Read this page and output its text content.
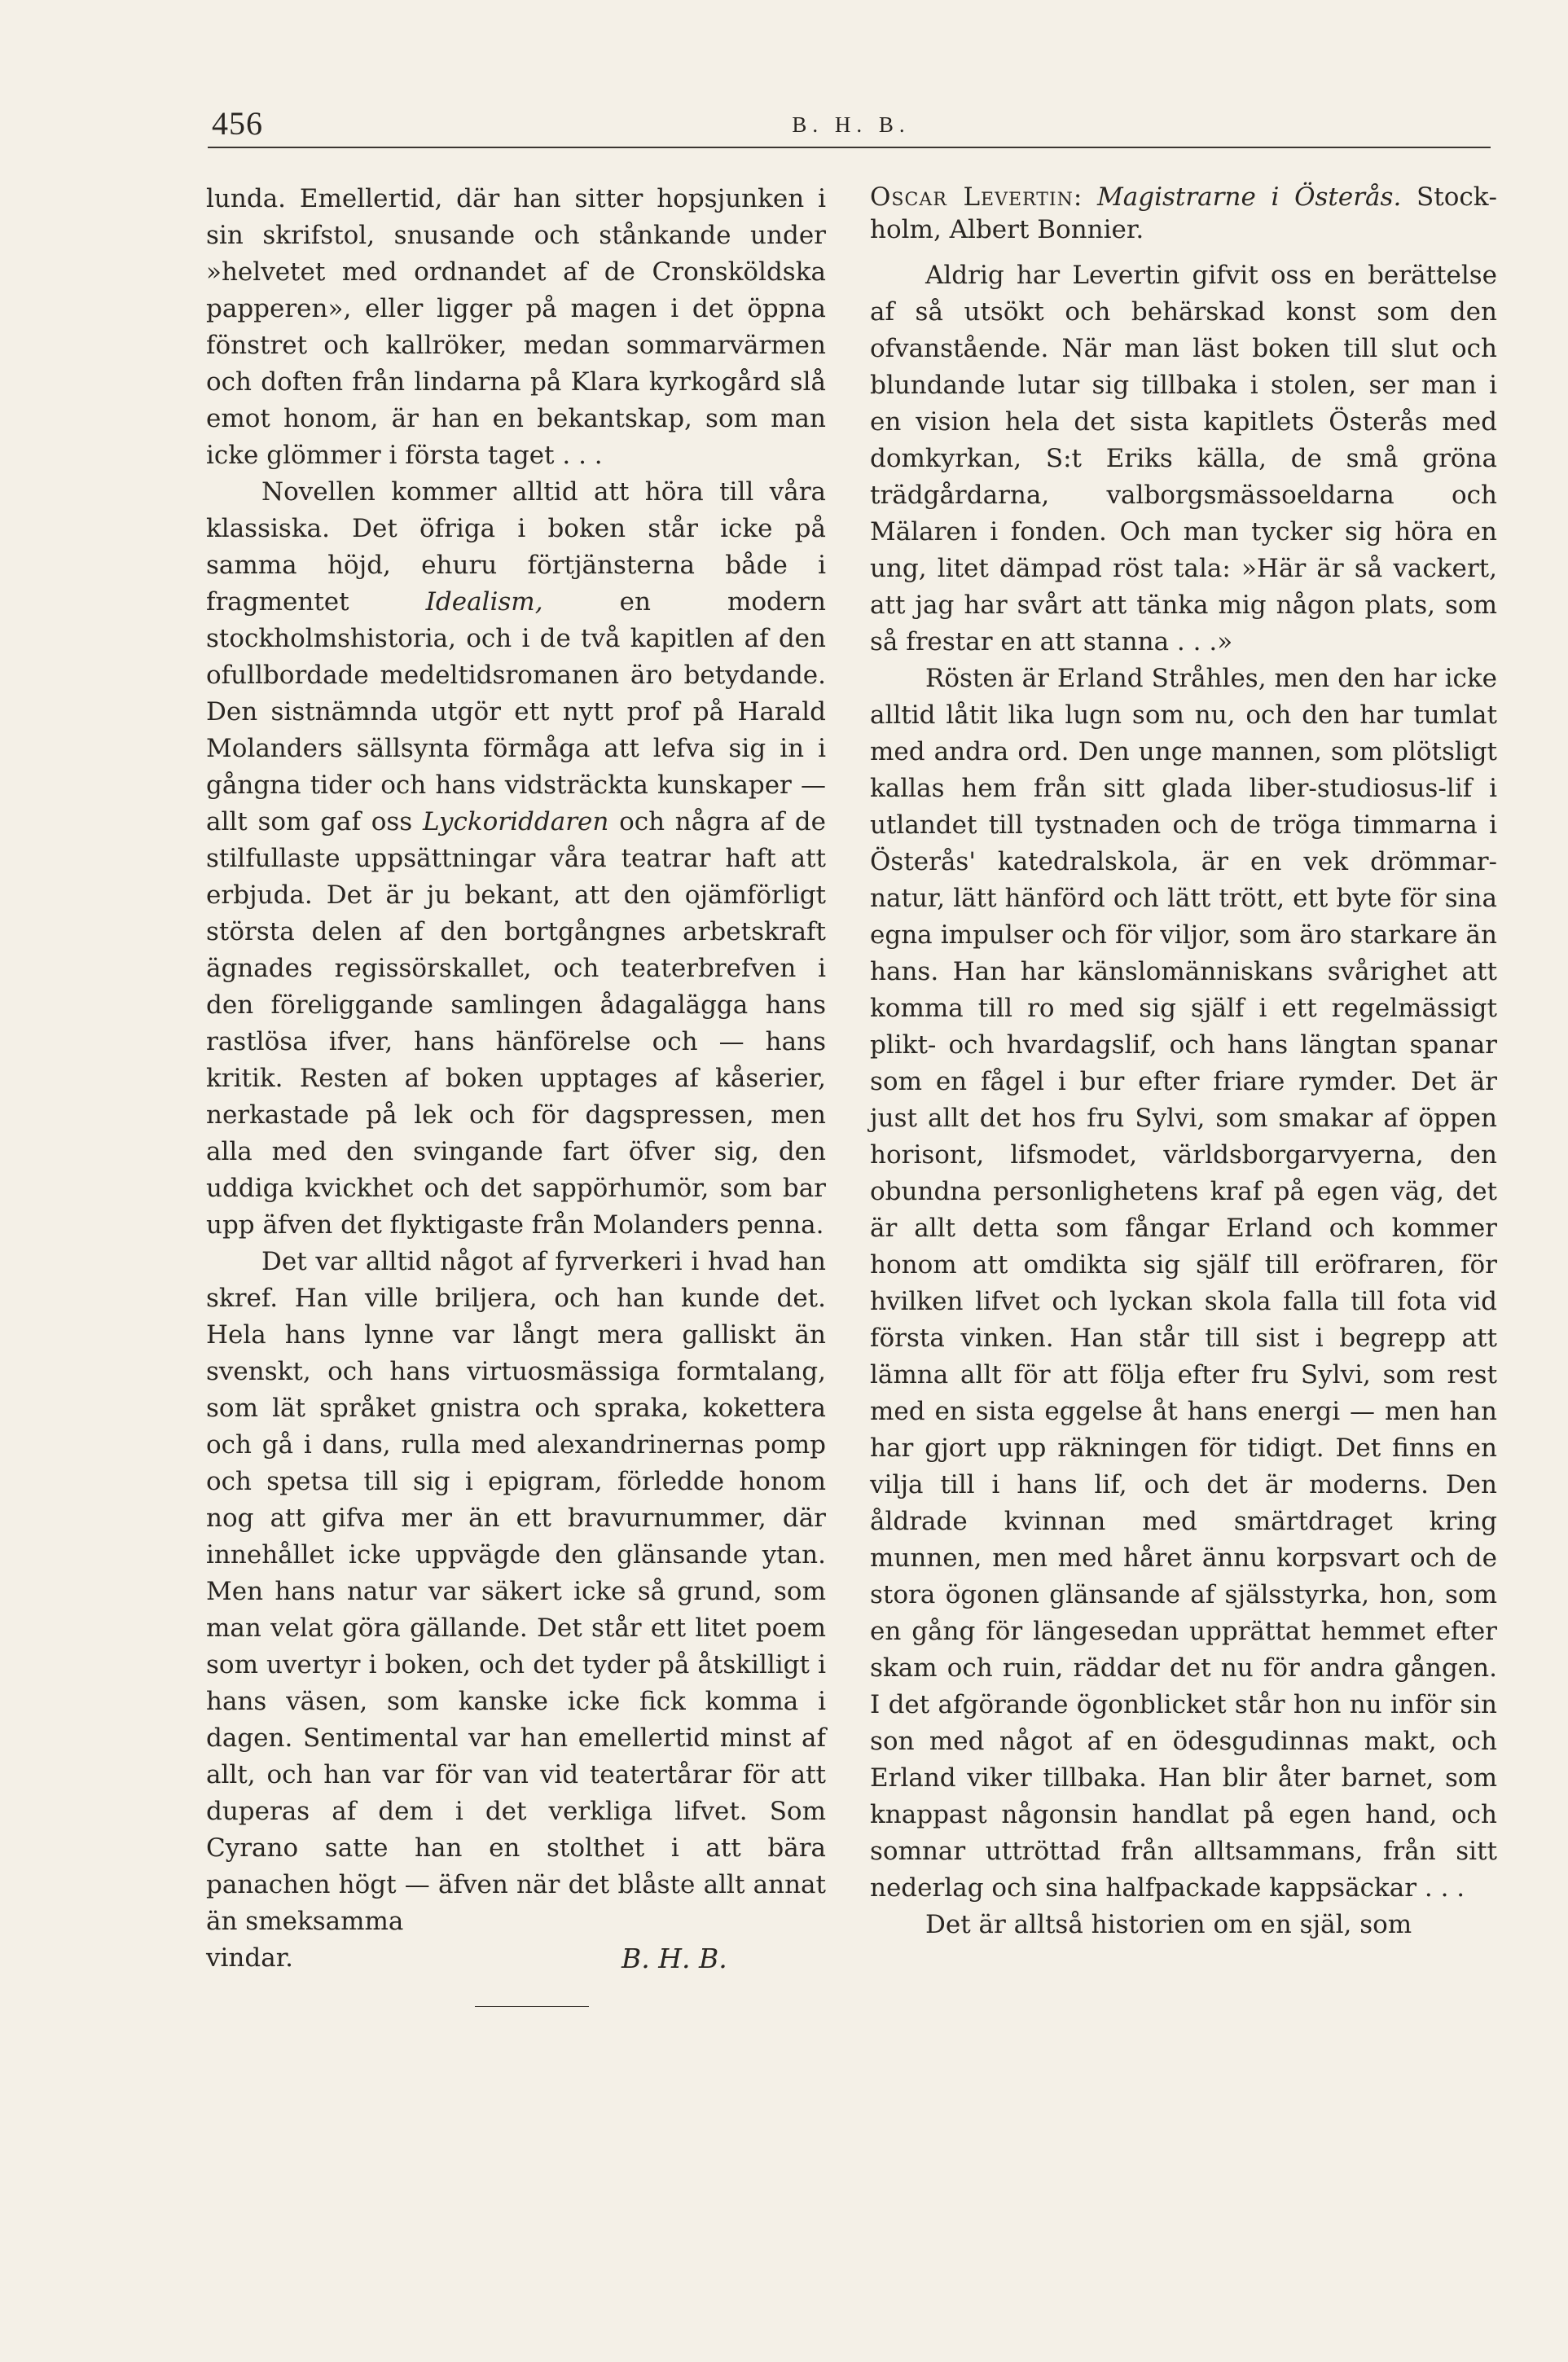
456	B. H. B.

lunda. Emellertid, där han sitter hopsjunken i sin skrifstol, snusande och stånkande under »helvetet med ordnandet af de Cronsköldska papperen», eller ligger på magen i det öppna fönstret och kallröker, medan sommarvärmen och doften från lindarna på Klara kyrkogård slå emot honom, är han en bekantskap, som man icke glömmer i första taget . . .

Novellen kommer alltid att höra till våra klassiska. Det öfriga i boken står icke på samma höjd, ehuru förtjänsterna både i fragmentet Idealism, en modern stockholmshistoria, och i de två kapitlen af den ofullbordade medeltidsromanen äro betydande. Den sistnämnda utgör ett nytt prof på Harald Molanders sällsynta förmåga att lefva sig in i gångna tider och hans vidsträckta kunskaper — allt som gaf oss Lyckoriddaren och några af de stilfullaste uppsättningar våra teatrar haft att erbjuda. Det är ju bekant, att den ojämförligt största delen af den bortgångnes arbetskraft ägnades regissörskallet, och teaterbrefven i den föreliggande samlingen ådagalägga hans rastlösa ifver, hans hänförelse och — hans kritik. Resten af boken upptages af kåserier, nerkastade på lek och för dagspressen, men alla med den svingande fart öfver sig, den uddiga kvickhet och det sappörhumör, som bar upp äfven det flyktigaste från Molanders penna.

Det var alltid något af fyrverkeri i hvad han skref. Han ville briljera, och han kunde det. Hela hans lynne var långt mera galliskt än svenskt, och hans virtuosmässiga formtalang, som lät språket gnistra och spraka, kokettera och gå i dans, rulla med alexandrinernas pomp och spetsa till sig i epigram, förledde honom nog att gifva mer än ett bravurnummer, där innehållet icke uppvägde den glänsande ytan. Men hans natur var säkert icke så grund, som man velat göra gällande. Det står ett litet poem som uvertyr i boken, och det tyder på åtskilligt i hans väsen, som kanske icke fick komma i dagen. Sentimental var han emellertid minst af allt, och han var för van vid teatertårar för att duperas af dem i det verkliga lifvet. Som Cyrano satte han en stolthet i att bära panachen högt — äfven när det blåste allt annat än smeksamma

vindar.	B. H. B.

Oscar Levertin: Magistrarne i Österås. Stockholm, Albert Bonnier.

Aldrig har Levertin gifvit oss en berättelse af så utsökt och behärskad konst som den ofvanstående. När man läst boken till slut och blundande lutar sig tillbaka i stolen, ser man i en vision hela det sista kapitlets Österås med domkyrkan, S:t Eriks källa, de små gröna trädgårdarna, valborgsmässoeldarna och Mälaren i fonden. Och man tycker sig höra en ung, litet dämpad röst tala: »Här är så vackert, att jag har svårt att tänka mig någon plats, som så frestar en att stanna . . .»

Rösten är Erland Stråhles, men den har icke alltid låtit lika lugn som nu, och den har tumlat med andra ord. Den unge mannen, som plötsligt kallas hem från sitt glada liber-studiosus-lif i utlandet till tystnaden och de tröga timmarna i Österås' katedralskola, är en vek drömmar-natur, lätt hänförd och lätt trött, ett byte för sina egna impulser och för viljor, som äro starkare än hans. Han har känslomänniskans svårighet att komma till ro med sig själf i ett regelmässigt plikt- och hvardagslif, och hans längtan spanar som en fågel i bur efter friare rymder. Det är just allt det hos fru Sylvi, som smakar af öppen horisont, lifsmodet, världsborgarvyerna, den obundna personlighetens kraf på egen väg, det är allt detta som fångar Erland och kommer honom att omdikta sig själf till eröfraren, för hvilken lifvet och lyckan skola falla till fota vid första vinken. Han står till sist i begrepp att lämna allt för att följa efter fru Sylvi, som rest med en sista eggelse åt hans energi — men han har gjort upp räkningen för tidigt. Det finns en vilja till i hans lif, och det är moderns. Den åldrade kvinnan med smärtdraget kring munnen, men med håret ännu korpsvart och de stora ögonen glänsande af själsstyrka, hon, som en gång för längesedan upprättat hemmet efter skam och ruin, räddar det nu för andra gången. I det afgörande ögonblicket står hon nu inför sin son med något af en ödesgudinnas makt, och Erland viker tillbaka. Han blir åter barnet, som knappast någonsin handlat på egen hand, och somnar uttröttad från alltsammans, från sitt nederlag och sina halfpackade kappsäckar . . .

Det är alltså historien om en själ, som
